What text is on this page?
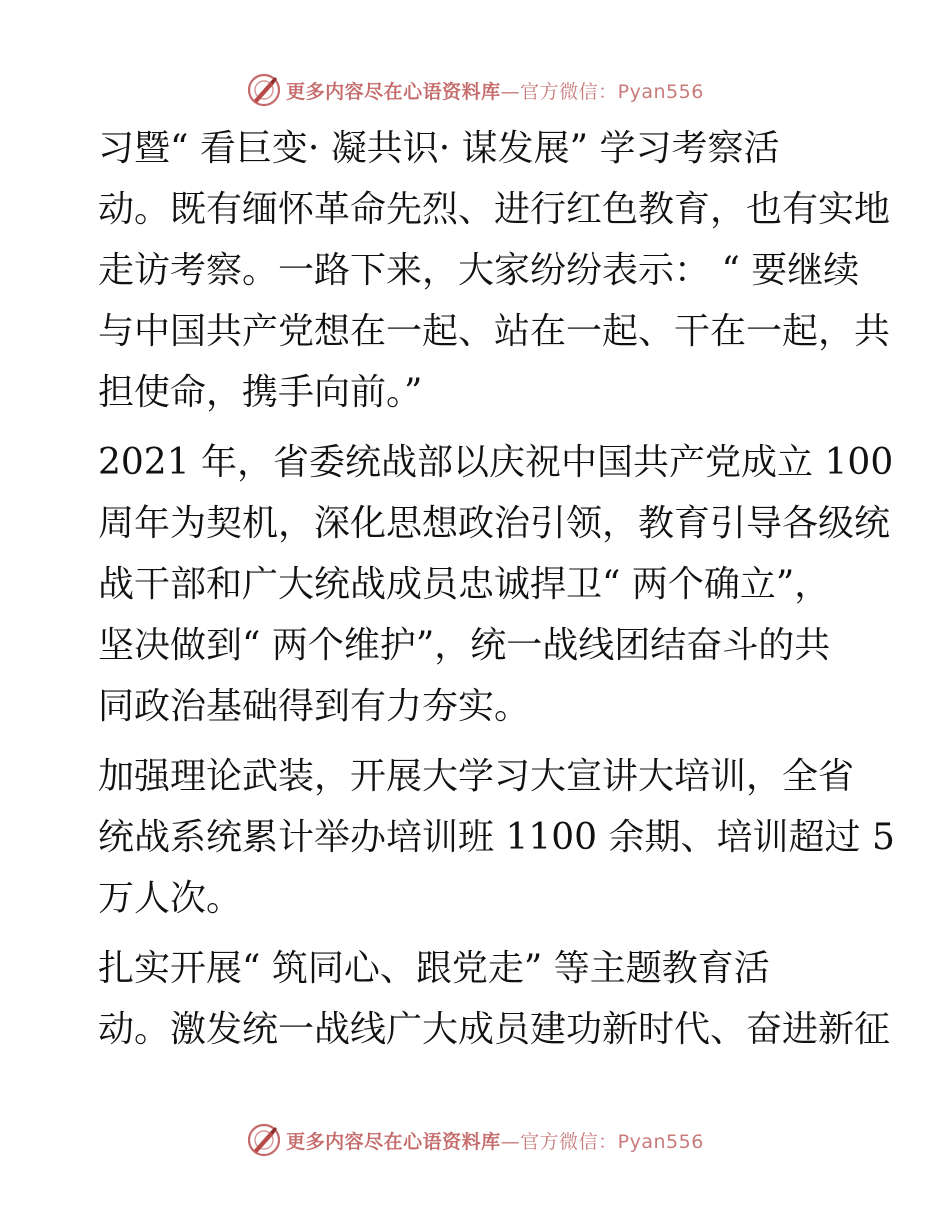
更多内容尽在心语资料库—官方微信：Pyan556
习暨“ 看巨变· 凝共识· 谋发展” 学习考察活
动。既有缅怀革命先烈、进行红色教育，也有实地
走访考察。一路下来，大家纷纷表示： “ 要继续
与中国共产党想在一起、站在一起、干在一起，共
担使命，携手向前。”
2021 年，省委统战部以庆祝中国共产党成立 100
周年为契机，深化思想政治引领，教育引导各级统
战干部和广大统战成员忠诚捍卫“ 两个确立”，
坚决做到“ 两个维护”，统一战线团结奋斗的共
同政治基础得到有力夯实。
加强理论武装，开展大学习大宣讲大培训，全省
统战系统累计举办培训班 1100 余期、培训超过 5
万人次。
扎实开展“ 筑同心、跟党走” 等主题教育活
动。激发统一战线广大成员建功新时代、奋进新征
更多内容尽在心语资料库—官方微信：Pyan556
